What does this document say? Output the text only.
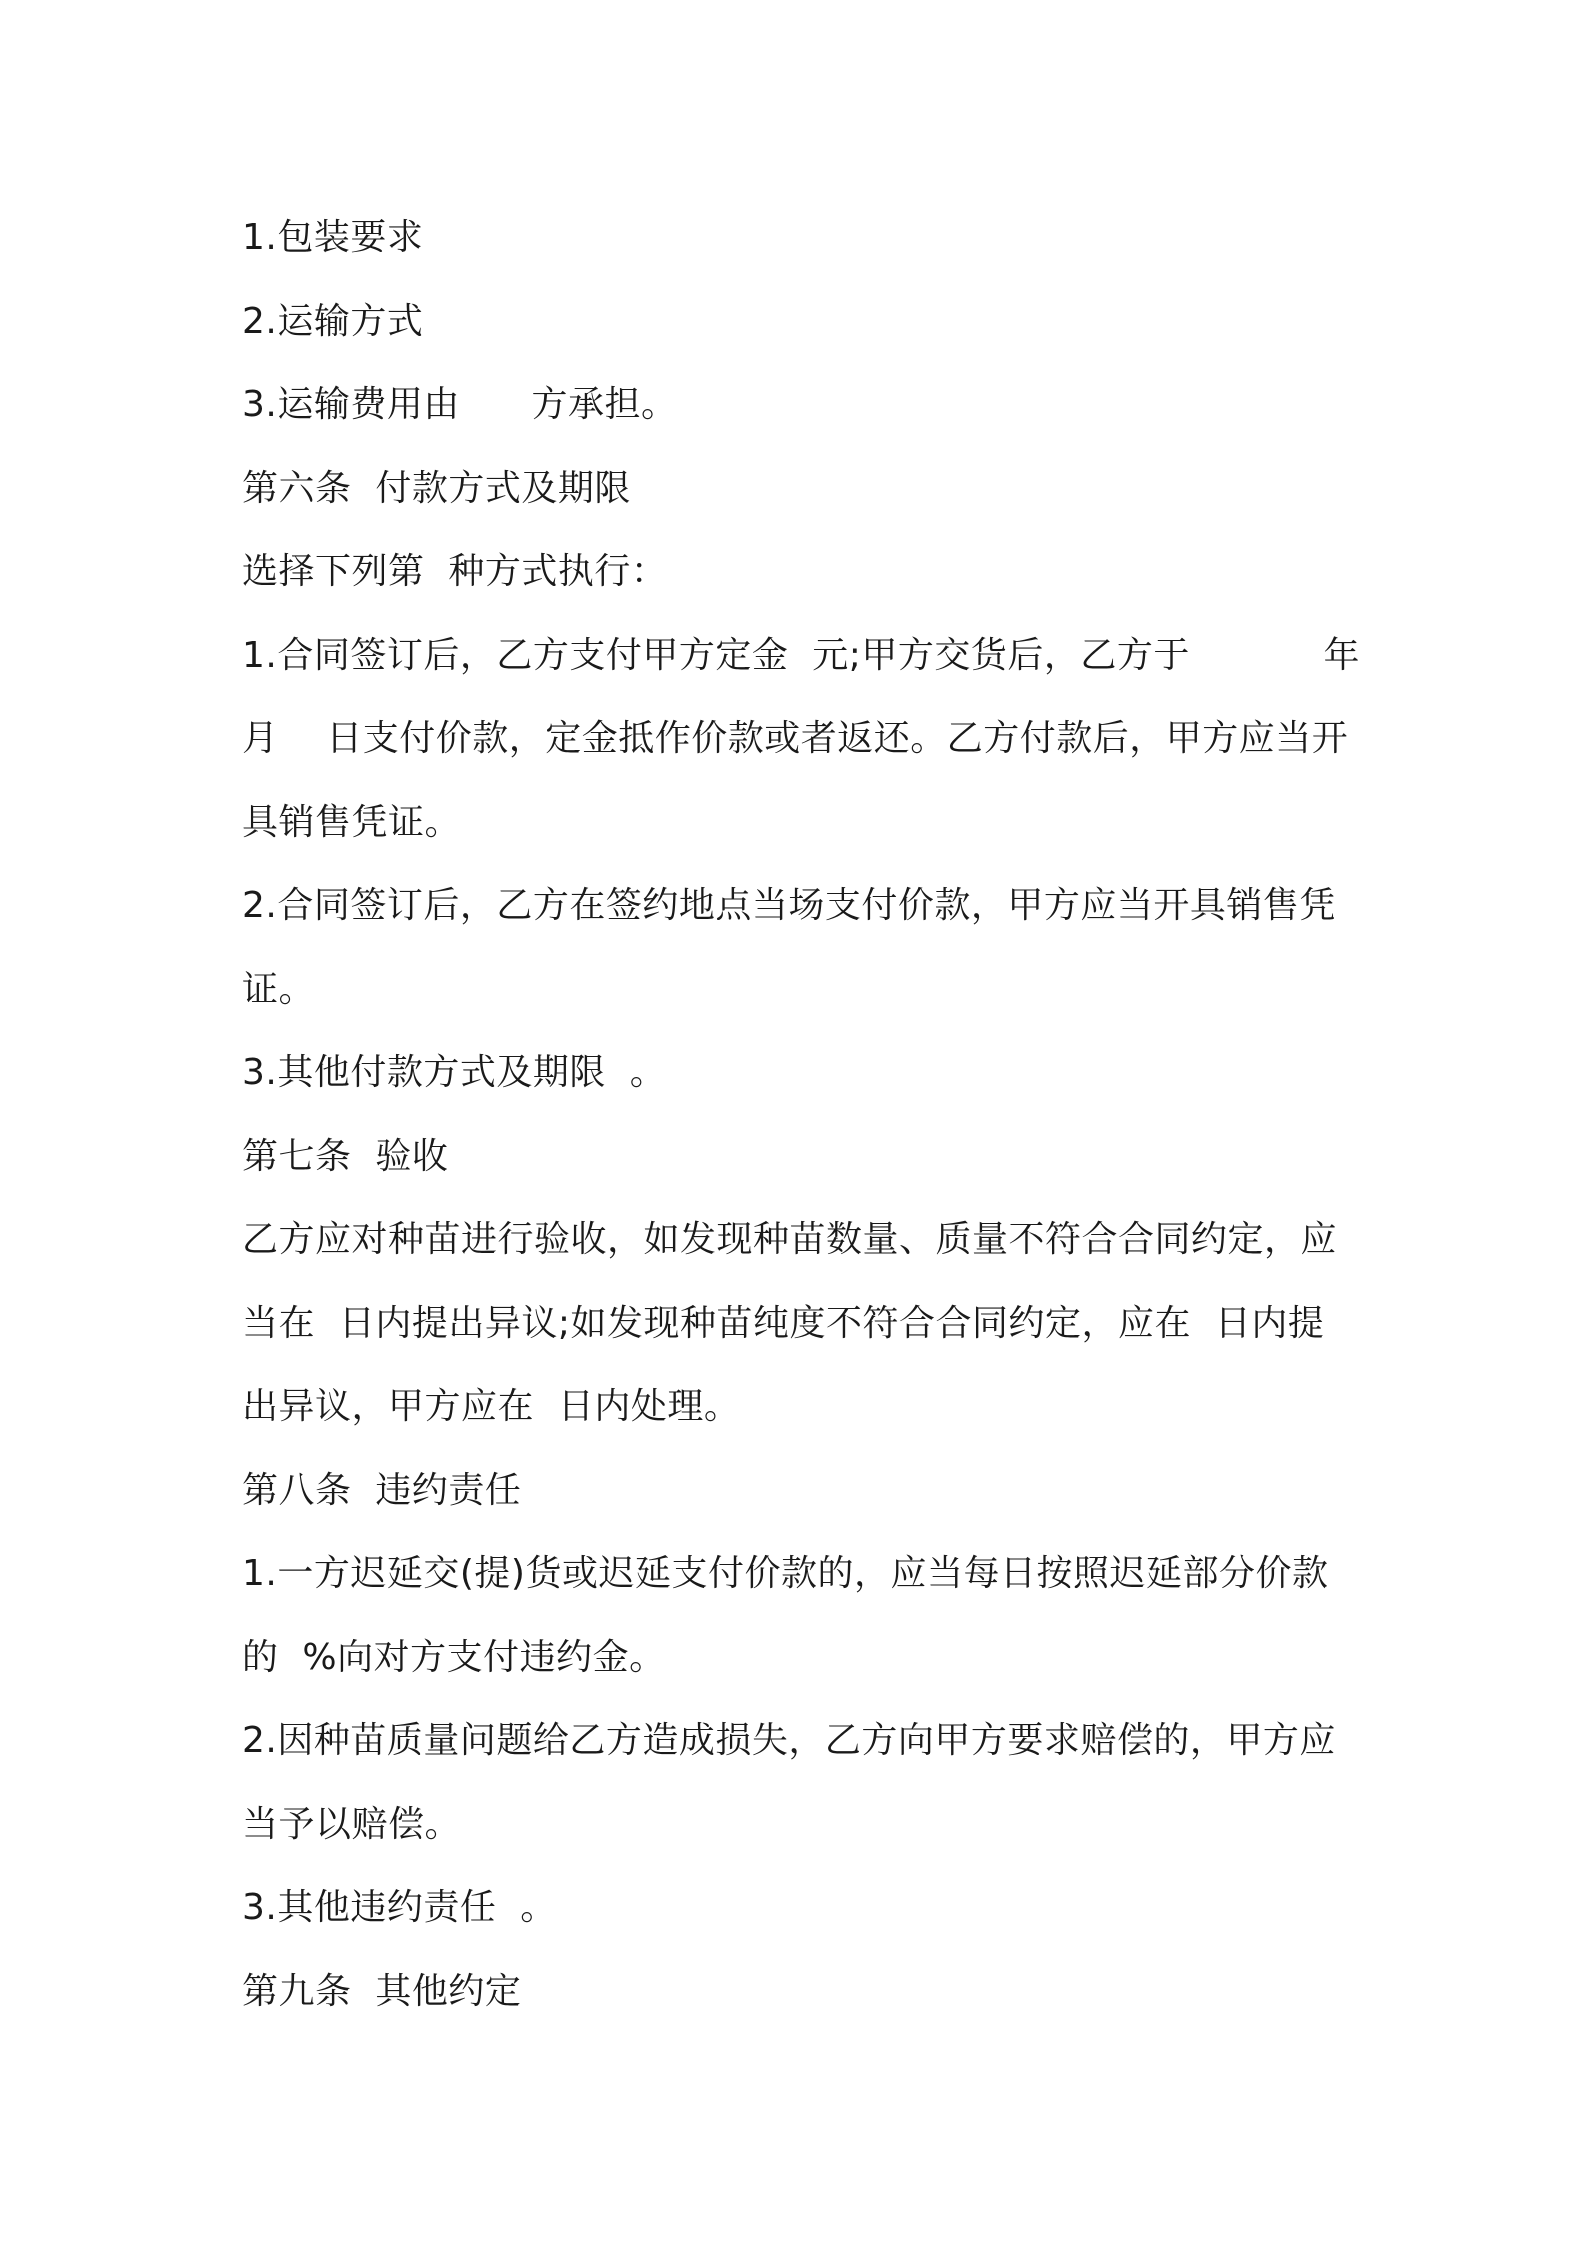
1.包装要求
2.运输方式
3.运输费用由      方承担。
第六条  付款方式及期限
选择下列第  种方式执行：
1.合同签订后，乙方支付甲方定金  元;甲方交货后，乙方于	年
月    日支付价款，定金抵作价款或者返还。乙方付款后，甲方应当开
具销售凭证。
2.合同签订后，乙方在签约地点当场支付价款，甲方应当开具销售凭
证。
3.其他付款方式及期限  。
第七条  验收
乙方应对种苗进行验收，如发现种苗数量、质量不符合合同约定，应
当在  日内提出异议;如发现种苗纯度不符合合同约定，应在  日内提
出异议，甲方应在  日内处理。
第八条  违约责任
1.一方迟延交(提)货或迟延支付价款的，应当每日按照迟延部分价款
的  %向对方支付违约金。
2.因种苗质量问题给乙方造成损失，乙方向甲方要求赔偿的，甲方应
当予以赔偿。
3.其他违约责任  。
第九条  其他约定
